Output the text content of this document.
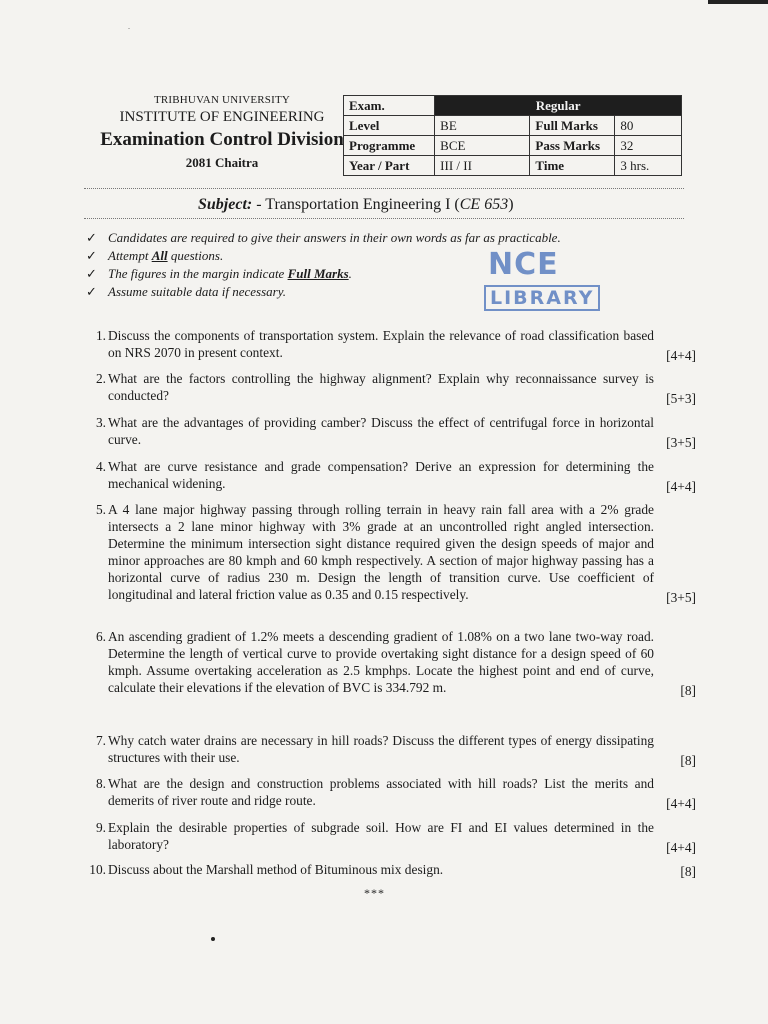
.
TRIBHUVAN UNIVERSITY
INSTITUTE OF ENGINEERING
Examination Control Division
2081 Chaitra
Exam.	Regular		
Level	BE	Full Marks	80
Programme	BCE	Pass Marks	32
Year / Part	III / II	Time	3 hrs.
Subject: - Transportation Engineering I (CE 653)
✓ Candidates are required to give their answers in their own words as far as practicable.
✓ Attempt All questions.
✓ The figures in the margin indicate Full Marks.
✓ Assume suitable data if necessary.
NCE
LIBRARY
1. Discuss the components of transportation system. Explain the relevance of road classification based on NRS 2070 in present context.	[4+4]
2. What are the factors controlling the highway alignment? Explain why reconnaissance survey is conducted?	[5+3]
3. What are the advantages of providing camber? Discuss the effect of centrifugal force in horizontal curve.	[3+5]
4. What are curve resistance and grade compensation? Derive an expression for determining the mechanical widening.	[4+4]
5. A 4 lane major highway passing through rolling terrain in heavy rain fall area with a 2% grade intersects a 2 lane minor highway with 3% grade at an uncontrolled right angled intersection. Determine the minimum intersection sight distance required given the design speeds of major and minor approaches are 80 kmph and 60 kmph respectively. A section of major highway passing has a horizontal curve of radius 230 m. Design the length of transition curve. Use coefficient of longitudinal and lateral friction value as 0.35 and 0.15 respectively.	[3+5]
6. An ascending gradient of 1.2% meets a descending gradient of 1.08% on a two lane two-way road. Determine the length of vertical curve to provide overtaking sight distance for a design speed of 60 kmph. Assume overtaking acceleration as 2.5 kmphps. Locate the highest point and end of curve, calculate their elevations if the elevation of BVC is 334.792 m.	[8]
7. Why catch water drains are necessary in hill roads? Discuss the different types of energy dissipating structures with their use.	[8]
8. What are the design and construction problems associated with hill roads? List the merits and demerits of river route and ridge route.	[4+4]
9. Explain the desirable properties of subgrade soil. How are FI and EI values determined in the laboratory?	[4+4]
10. Discuss about the Marshall method of Bituminous mix design.	[8]
***
